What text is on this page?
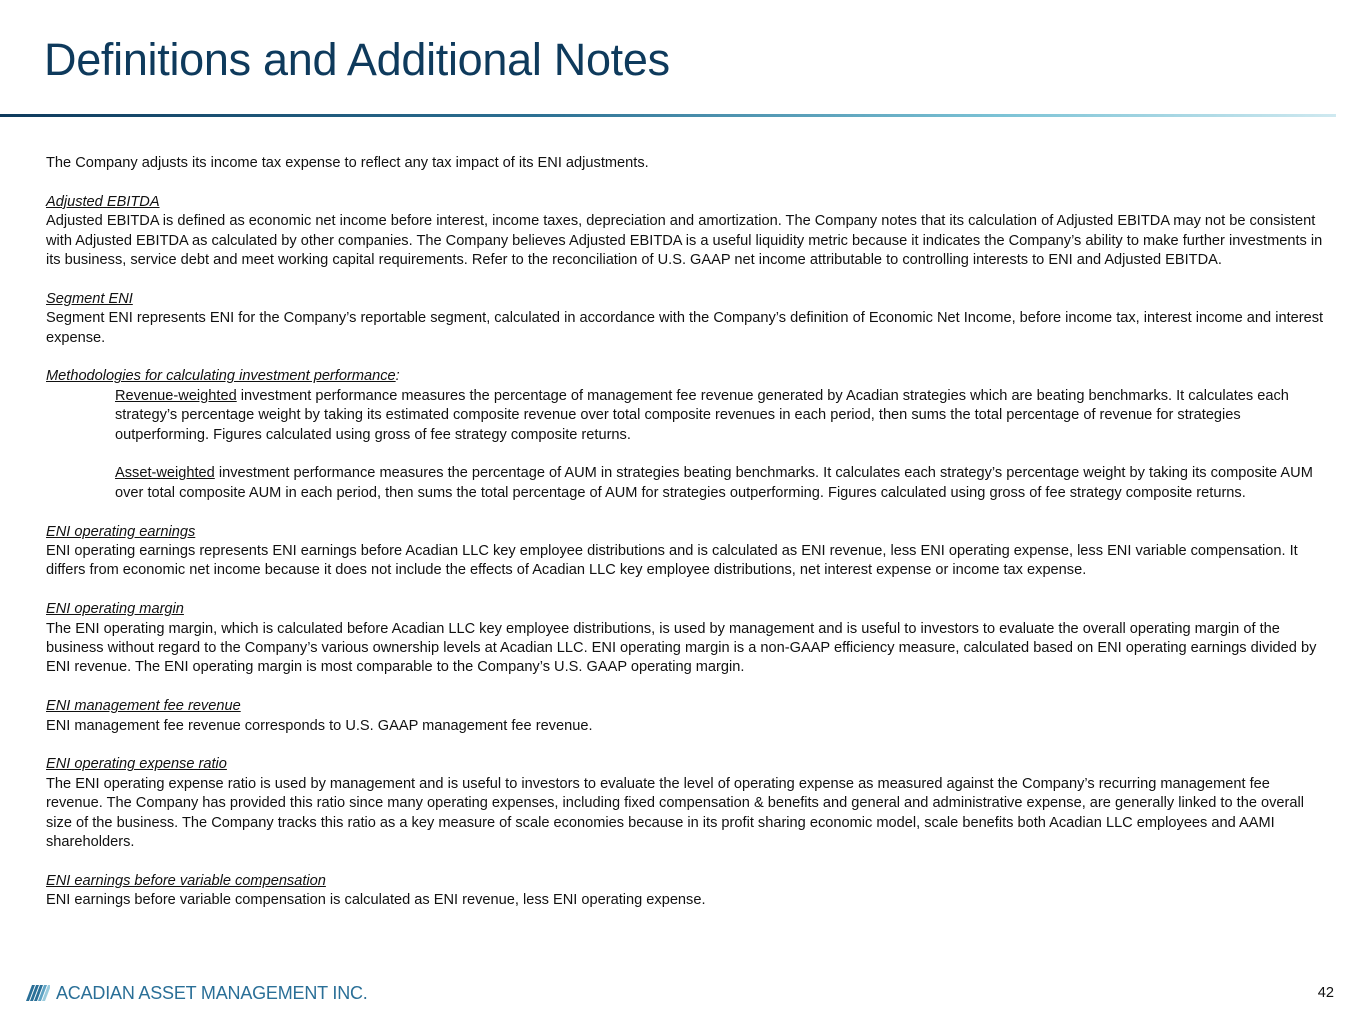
Definitions and Additional Notes

The Company adjusts its income tax expense to reflect any tax impact of its ENI adjustments.

Adjusted EBITDA

Adjusted EBITDA is defined as economic net income before interest, income taxes, depreciation and amortization. The Company notes that its calculation of Adjusted EBITDA may not be consistent with Adjusted EBITDA as calculated by other companies. The Company believes Adjusted EBITDA is a useful liquidity metric because it indicates the Company’s ability to make further investments in its business, service debt and meet working capital requirements. Refer to the reconciliation of U.S. GAAP net income attributable to controlling interests to ENI and Adjusted EBITDA.

Segment ENI

Segment ENI represents ENI for the Company’s reportable segment, calculated in accordance with the Company’s definition of Economic Net Income, before income tax, interest income and interest expense.

Methodologies for calculating investment performance:

Revenue-weighted investment performance measures the percentage of management fee revenue generated by Acadian strategies which are beating benchmarks. It calculates each strategy’s percentage weight by taking its estimated composite revenue over total composite revenues in each period, then sums the total percentage of revenue for strategies outperforming. Figures calculated using gross of fee strategy composite returns.

Asset-weighted investment performance measures the percentage of AUM in strategies beating benchmarks. It calculates each strategy’s percentage weight by taking its composite AUM over total composite AUM in each period, then sums the total percentage of AUM for strategies outperforming. Figures calculated using gross of fee strategy composite returns.

ENI operating earnings

ENI operating earnings represents ENI earnings before Acadian LLC key employee distributions and is calculated as ENI revenue, less ENI operating expense, less ENI variable compensation. It differs from economic net income because it does not include the effects of Acadian LLC key employee distributions, net interest expense or income tax expense.

ENI operating margin

The ENI operating margin, which is calculated before Acadian LLC key employee distributions, is used by management and is useful to investors to evaluate the overall operating margin of the business without regard to the Company’s various ownership levels at Acadian LLC. ENI operating margin is a non-GAAP efficiency measure, calculated based on ENI operating earnings divided by ENI revenue. The ENI operating margin is most comparable to the Company’s U.S. GAAP operating margin.

ENI management fee revenue

ENI management fee revenue corresponds to U.S. GAAP management fee revenue.

ENI operating expense ratio

The ENI operating expense ratio is used by management and is useful to investors to evaluate the level of operating expense as measured against the Company’s recurring management fee revenue. The Company has provided this ratio since many operating expenses, including fixed compensation & benefits and general and administrative expense, are generally linked to the overall size of the business. The Company tracks this ratio as a key measure of scale economies because in its profit sharing economic model, scale benefits both Acadian LLC employees and AAMI shareholders.

ENI earnings before variable compensation

ENI earnings before variable compensation is calculated as ENI revenue, less ENI operating expense.

ACADIAN ASSET MANAGEMENT INC.	42
